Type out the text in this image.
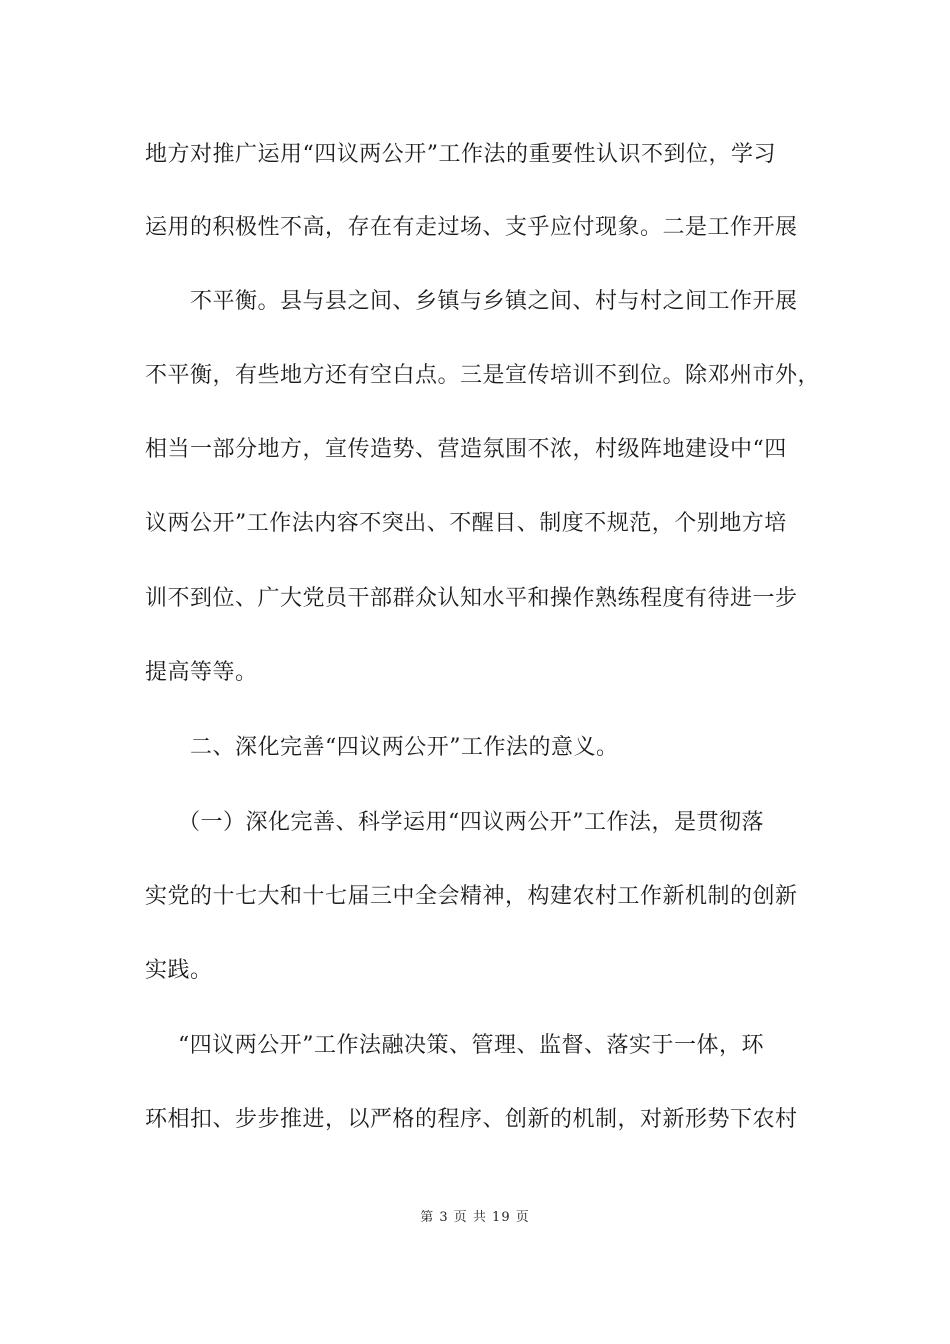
地方对推广运用“四议两公开”工作法的重要性认识不到位，学习
运用的积极性不高，存在有走过场、支乎应付现象。二是工作开展
不平衡。县与县之间、乡镇与乡镇之间、村与村之间工作开展
不平衡，有些地方还有空白点。三是宣传培训不到位。除邓州市外，
相当一部分地方，宣传造势、营造氛围不浓，村级阵地建设中“四
议两公开”工作法内容不突出、不醒目、制度不规范，个别地方培
训不到位、广大党员干部群众认知水平和操作熟练程度有待进一步
提高等等。
二、深化完善“四议两公开”工作法的意义。
（一）深化完善、科学运用“四议两公开”工作法，是贯彻落
实党的十七大和十七届三中全会精神，构建农村工作新机制的创新
实践。
“四议两公开”工作法融决策、管理、监督、落实于一体，环
环相扣、步步推进，以严格的程序、创新的机制，对新形势下农村
第 3 页 共 19 页
